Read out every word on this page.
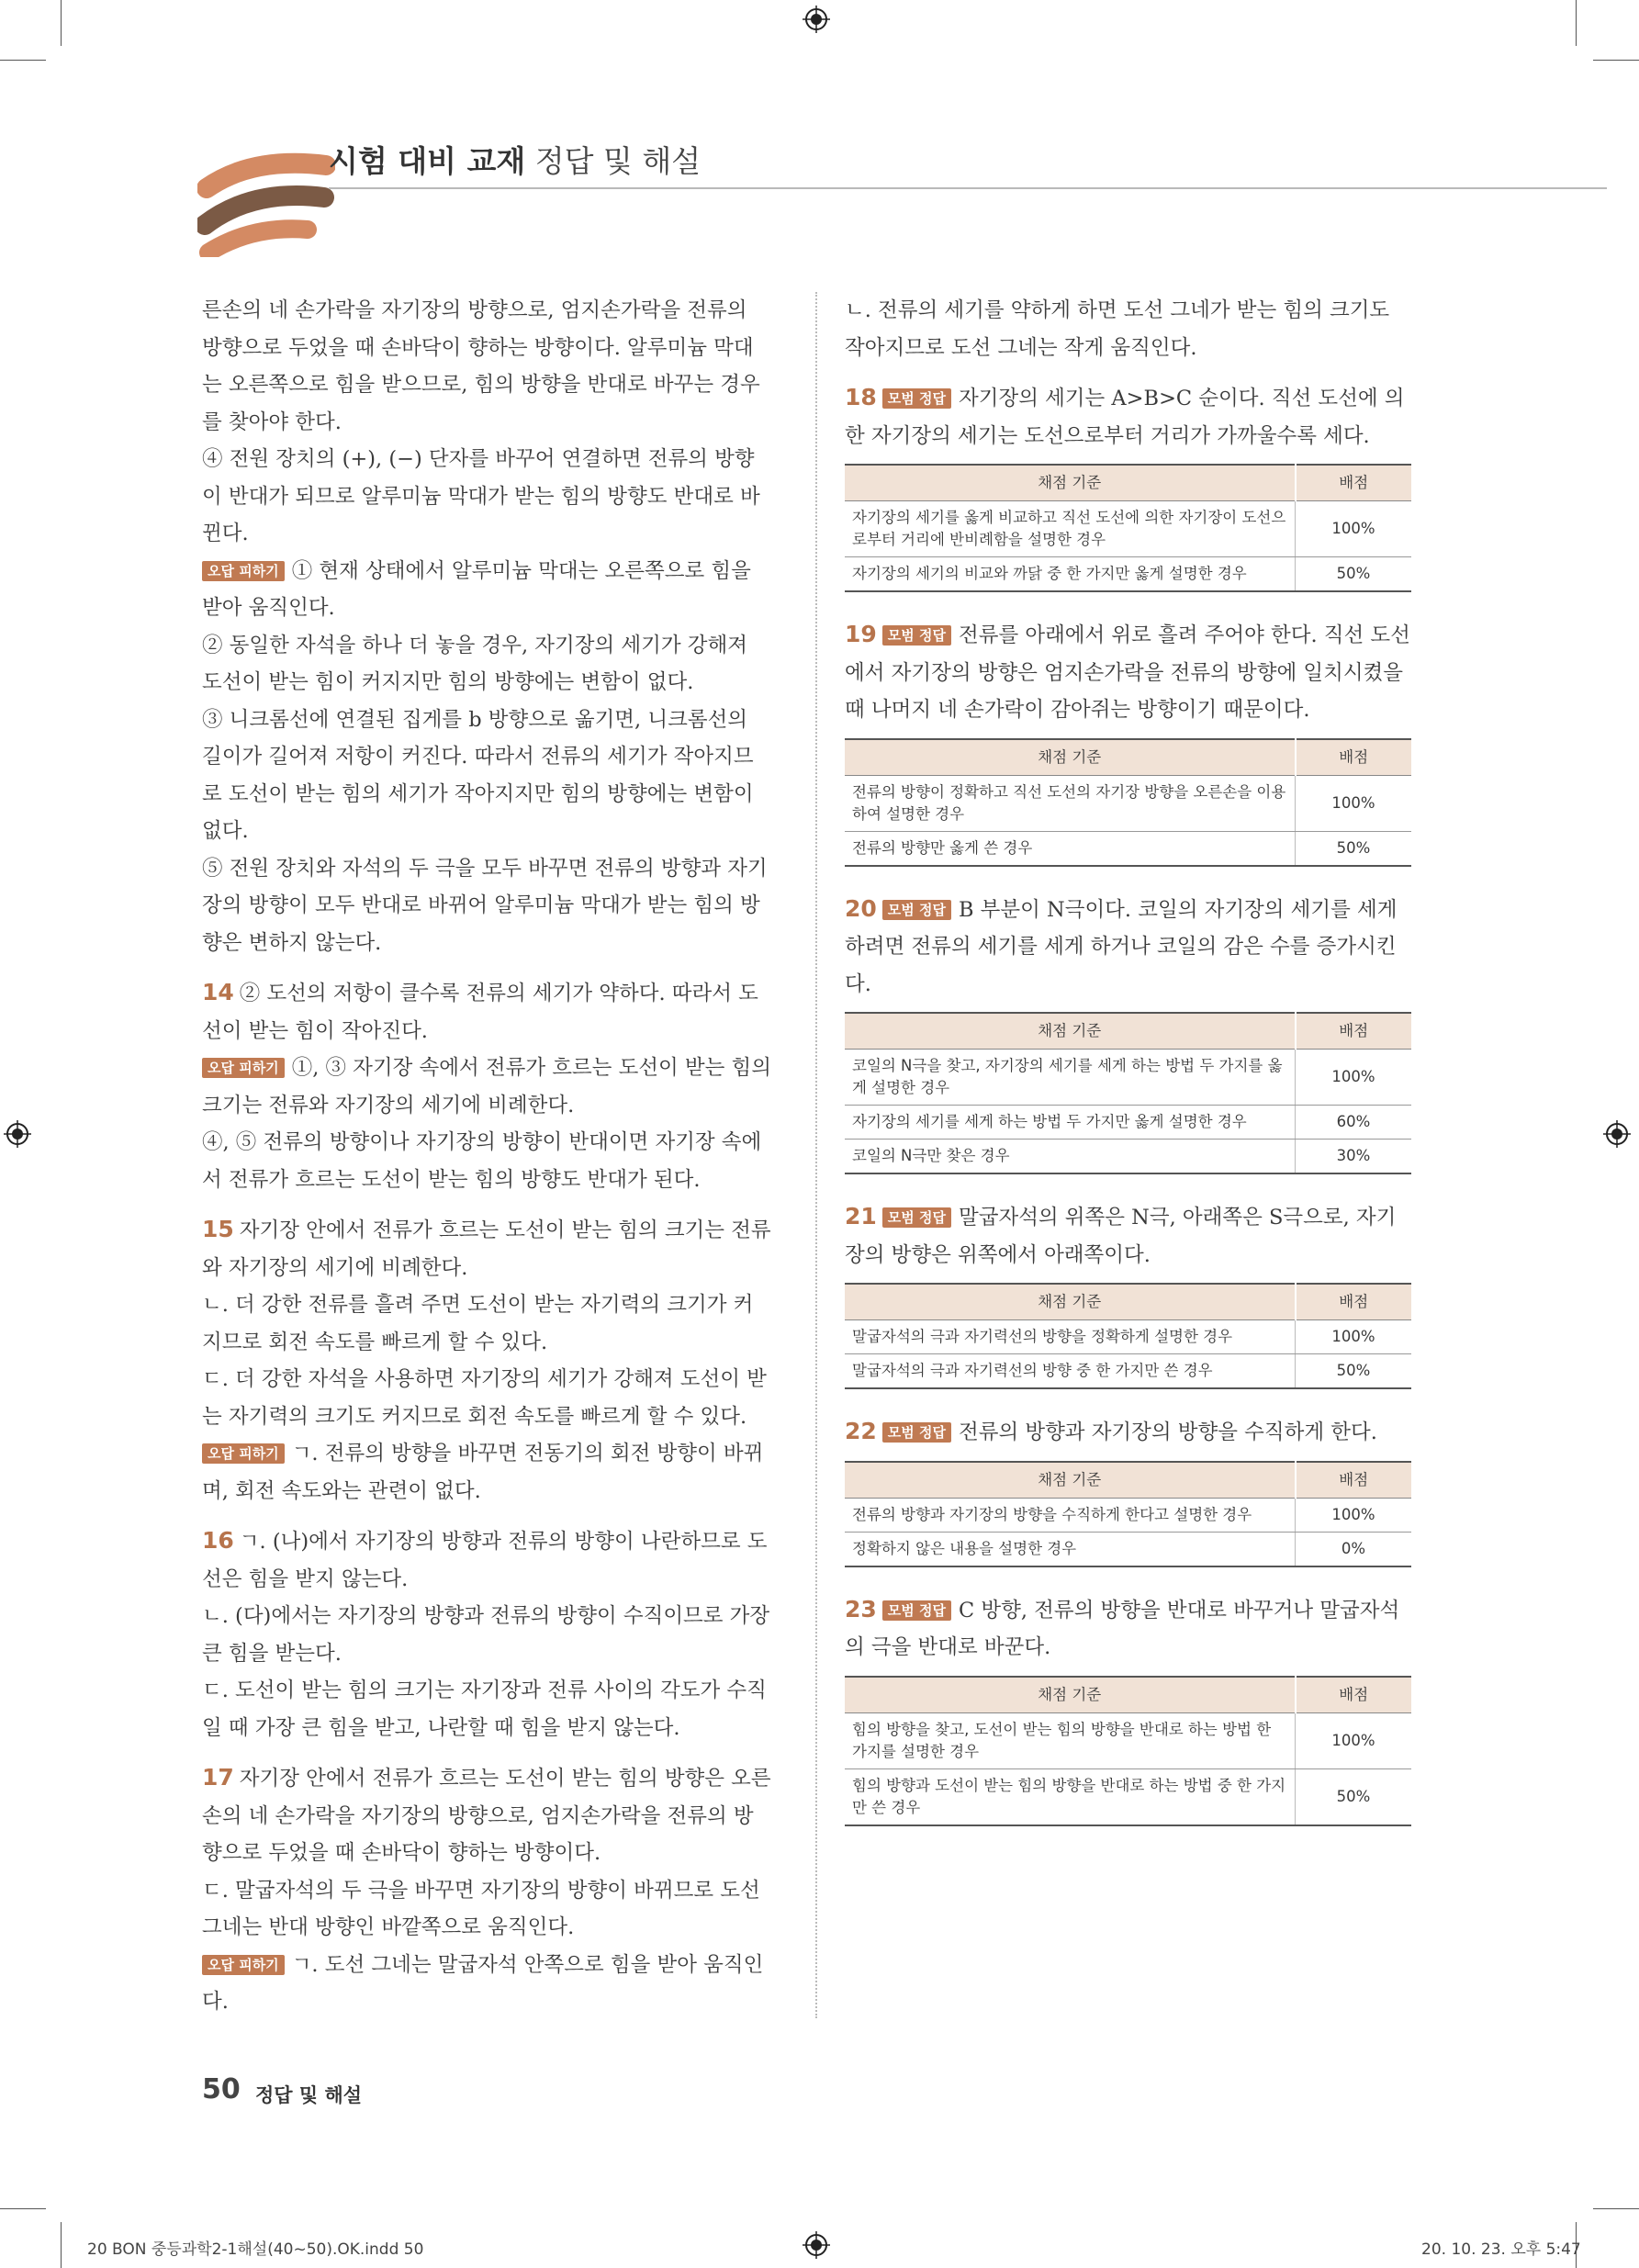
시험 대비 교재 정답 및 해설

른손의 네 손가락을 자기장의 방향으로, 엄지손가락을 전류의 방향으로 두었을 때 손바닥이 향하는 방향이다. 알루미늄 막대는 오른쪽으로 힘을 받으므로, 힘의 방향을 반대로 바꾸는 경우를 찾아야 한다.

④ 전원 장치의 (+), (−) 단자를 바꾸어 연결하면 전류의 방향이 반대가 되므로 알루미늄 막대가 받는 힘의 방향도 반대로 바뀐다.

오답 피하기 ① 현재 상태에서 알루미늄 막대는 오른쪽으로 힘을 받아 움직인다.

② 동일한 자석을 하나 더 놓을 경우, 자기장의 세기가 강해져 도선이 받는 힘이 커지지만 힘의 방향에는 변함이 없다.

③ 니크롬선에 연결된 집게를 b 방향으로 옮기면, 니크롬선의 길이가 길어져 저항이 커진다. 따라서 전류의 세기가 작아지므로 도선이 받는 힘의 세기가 작아지지만 힘의 방향에는 변함이 없다.

⑤ 전원 장치와 자석의 두 극을 모두 바꾸면 전류의 방향과 자기장의 방향이 모두 반대로 바뀌어 알루미늄 막대가 받는 힘의 방향은 변하지 않는다.

14 ② 도선의 저항이 클수록 전류의 세기가 약하다. 따라서 도선이 받는 힘이 작아진다.

오답 피하기 ①, ③ 자기장 속에서 전류가 흐르는 도선이 받는 힘의 크기는 전류와 자기장의 세기에 비례한다.

④, ⑤ 전류의 방향이나 자기장의 방향이 반대이면 자기장 속에서 전류가 흐르는 도선이 받는 힘의 방향도 반대가 된다.

15 자기장 안에서 전류가 흐르는 도선이 받는 힘의 크기는 전류와 자기장의 세기에 비례한다.

ㄴ. 더 강한 전류를 흘려 주면 도선이 받는 자기력의 크기가 커지므로 회전 속도를 빠르게 할 수 있다.

ㄷ. 더 강한 자석을 사용하면 자기장의 세기가 강해져 도선이 받는 자기력의 크기도 커지므로 회전 속도를 빠르게 할 수 있다.

오답 피하기 ㄱ. 전류의 방향을 바꾸면 전동기의 회전 방향이 바뀌며, 회전 속도와는 관련이 없다.

16 ㄱ. (나)에서 자기장의 방향과 전류의 방향이 나란하므로 도선은 힘을 받지 않는다.

ㄴ. (다)에서는 자기장의 방향과 전류의 방향이 수직이므로 가장 큰 힘을 받는다.

ㄷ. 도선이 받는 힘의 크기는 자기장과 전류 사이의 각도가 수직일 때 가장 큰 힘을 받고, 나란할 때 힘을 받지 않는다.

17 자기장 안에서 전류가 흐르는 도선이 받는 힘의 방향은 오른손의 네 손가락을 자기장의 방향으로, 엄지손가락을 전류의 방향으로 두었을 때 손바닥이 향하는 방향이다.

ㄷ. 말굽자석의 두 극을 바꾸면 자기장의 방향이 바뀌므로 도선 그네는 반대 방향인 바깥쪽으로 움직인다.

오답 피하기 ㄱ. 도선 그네는 말굽자석 안쪽으로 힘을 받아 움직인다.

ㄴ. 전류의 세기를 약하게 하면 도선 그네가 받는 힘의 크기도 작아지므로 도선 그네는 작게 움직인다.

18 모범 정답 자기장의 세기는 A>B>C 순이다. 직선 도선에 의한 자기장의 세기는 도선으로부터 거리가 가까울수록 세다.

채점 기준	배점
자기장의 세기를 옳게 비교하고 직선 도선에 의한 자기장이 도선으로부터 거리에 반비례함을 설명한 경우	100%
자기장의 세기의 비교와 까닭 중 한 가지만 옳게 설명한 경우	50%

19 모범 정답 전류를 아래에서 위로 흘려 주어야 한다. 직선 도선에서 자기장의 방향은 엄지손가락을 전류의 방향에 일치시켰을 때 나머지 네 손가락이 감아쥐는 방향이기 때문이다.

채점 기준	배점
전류의 방향이 정확하고 직선 도선의 자기장 방향을 오른손을 이용하여 설명한 경우	100%
전류의 방향만 옳게 쓴 경우	50%

20 모범 정답 B 부분이 N극이다. 코일의 자기장의 세기를 세게 하려면 전류의 세기를 세게 하거나 코일의 감은 수를 증가시킨다.

채점 기준	배점
코일의 N극을 찾고, 자기장의 세기를 세게 하는 방법 두 가지를 옳게 설명한 경우	100%
자기장의 세기를 세게 하는 방법 두 가지만 옳게 설명한 경우	60%
코일의 N극만 찾은 경우	30%

21 모범 정답 말굽자석의 위쪽은 N극, 아래쪽은 S극으로, 자기장의 방향은 위쪽에서 아래쪽이다.

채점 기준	배점
말굽자석의 극과 자기력선의 방향을 정확하게 설명한 경우	100%
말굽자석의 극과 자기력선의 방향 중 한 가지만 쓴 경우	50%

22 모범 정답 전류의 방향과 자기장의 방향을 수직하게 한다.

채점 기준	배점
전류의 방향과 자기장의 방향을 수직하게 한다고 설명한 경우	100%
정확하지 않은 내용을 설명한 경우	0%

23 모범 정답 C 방향, 전류의 방향을 반대로 바꾸거나 말굽자석의 극을 반대로 바꾼다.

채점 기준	배점
힘의 방향을 찾고, 도선이 받는 힘의 방향을 반대로 하는 방법 한 가지를 설명한 경우	100%
힘의 방향과 도선이 받는 힘의 방향을 반대로 하는 방법 중 한 가지만 쓴 경우	50%
50 정답 및 해설
20 BON 중등과학2-1해설(40~50).OK.indd 50	20. 10. 23. 오후 5:47
